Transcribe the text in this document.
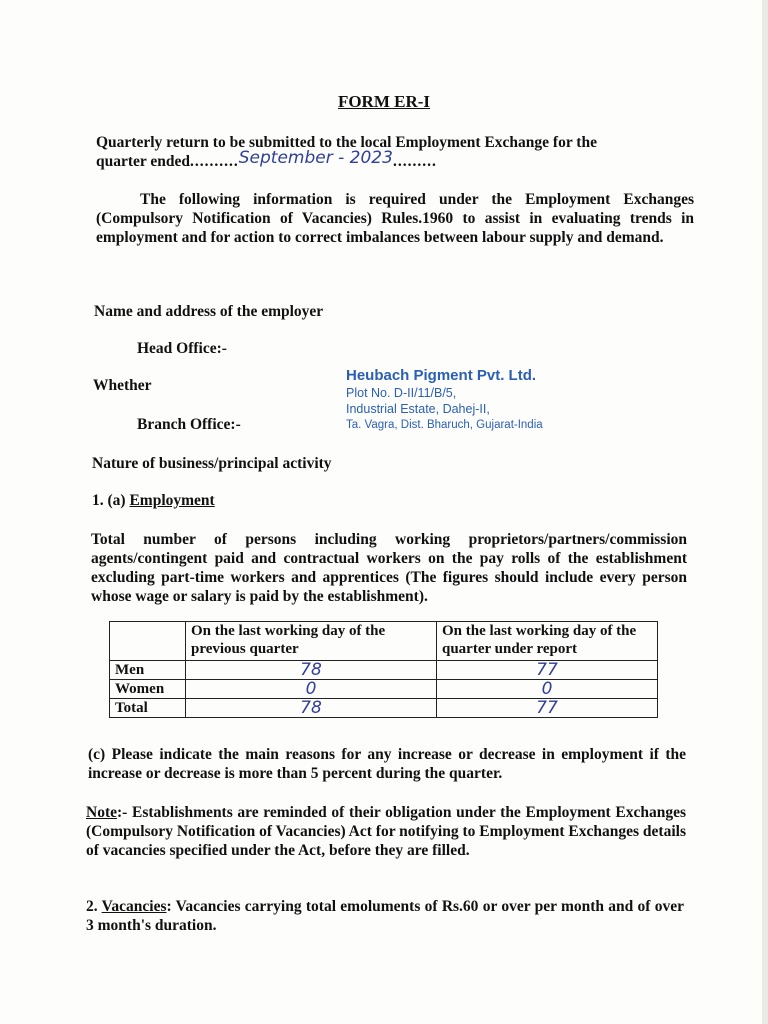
FORM ER-I
Quarterly return to be submitted to the local Employment Exchange for the
quarter ended..........September - 2023.........
The following information is required under the Employment Exchanges (Compulsory Notification of Vacancies) Rules.1960 to assist in evaluating trends in employment and for action to correct imbalances between labour supply and demand.
Name and address of the employer
Head Office:-
Whether
Branch Office:-
Heubach Pigment Pvt. Ltd.
Plot No. D-II/11/B/5,
Industrial Estate, Dahej-II,
Ta. Vagra, Dist. Bharuch, Gujarat-India
Nature of business/principal activity
1. (a) Employment
Total number of persons including working proprietors/partners/commission agents/contingent paid and contractual workers on the pay rolls of the establishment excluding part-time workers and apprentices (The figures should include every person whose wage or salary is paid by the establishment).
	On the last working day of the previous quarter	On the last working day of the quarter under report
Men	78	77
Women	0	0
Total	78	77
(c) Please indicate the main reasons for any increase or decrease in employment if the increase or decrease is more than 5 percent during the quarter.
Note:- Establishments are reminded of their obligation under the Employment Exchanges (Compulsory Notification of Vacancies) Act for notifying to Employment Exchanges details of vacancies specified under the Act, before they are filled.
2. Vacancies: Vacancies carrying total emoluments of Rs.60 or over per month and of over 3 month's duration.
